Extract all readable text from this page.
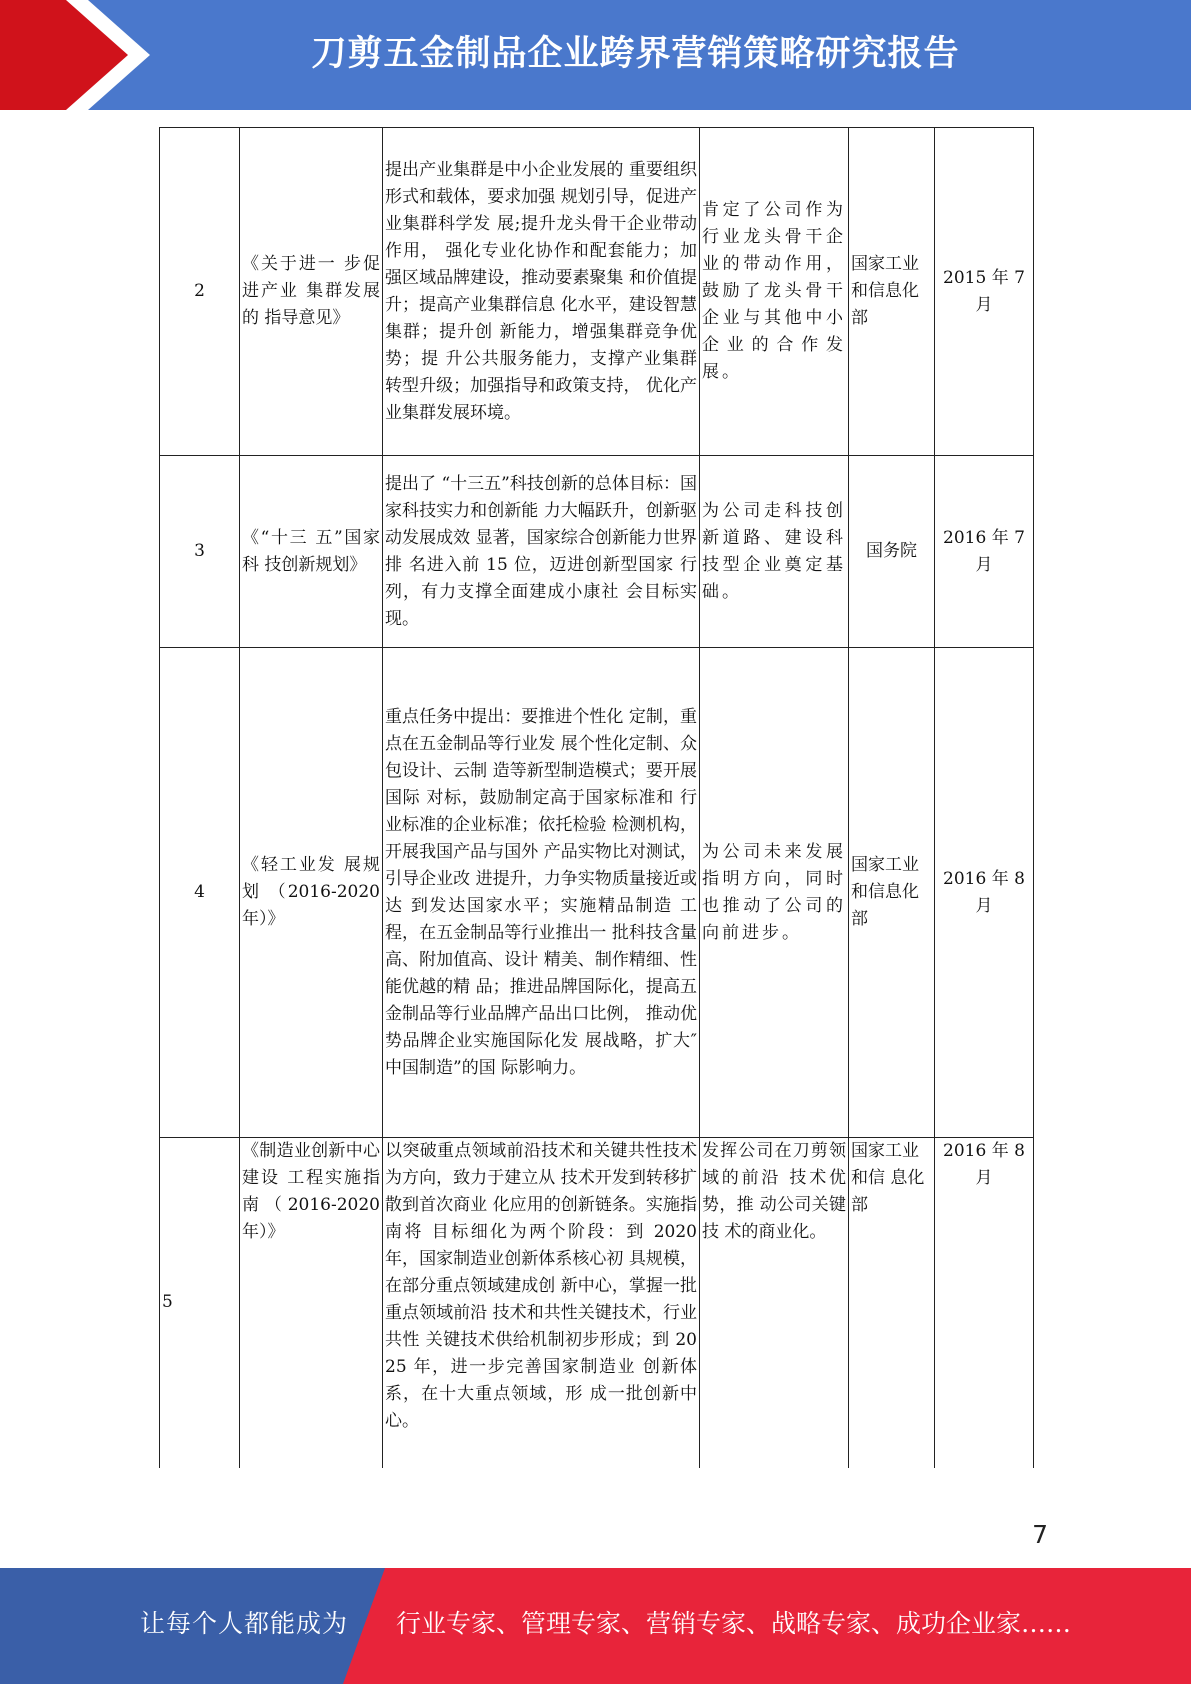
刀剪五金制品企业跨界营销策略研究报告
2	《关于进一 步促进产业 集群发展的 指导意见》	提出产业集群是中小企业发展的 重要组织形式和载体，要求加强 规划引导，促进产业集群科学发 展;提升龙头骨干企业带动作用， 强化专业化协作和配套能力；加 强区域品牌建设，推动要素聚集 和价值提升；提高产业集群信息 化水平，建设智慧集群；提升创 新能力，增强集群竞争优势；提 升公共服务能力，支撑产业集群 转型升级；加强指导和政策支持， 优化产业集群发展环境。	肯定了公司作为行业龙头骨干企业的带动作用，鼓励了龙头骨干企业与其他中小企业的合作发 展。	国家工业和信息化部	2015 年 7月
3	《“十三 五”国家科 技创新规划》	提出了 “十三五”科技创新的总体目标：国家科技实力和创新能 力大幅跃升，创新驱动发展成效 显著，国家综合创新能力世界排 名进入前 15 位，迈进创新型国家 行列，有力支撑全面建成小康社 会目标实现。	为公司走科技创新道路、建设科技型企业奠定基础。	国务院	2016 年 7月
4	《轻工业发 展规划 （2016-2020 年）》	重点任务中提出：要推进个性化 定制，重点在五金制品等行业发 展个性化定制、众包设计、云制 造等新型制造模式；要开展国际 对标，鼓励制定高于国家标准和 行业标准的企业标准；依托检验 检测机构，开展我国产品与国外 产品实物比对测试，引导企业改 进提升，力争实物质量接近或达 到发达国家水平；实施精品制造 工程，在五金制品等行业推出一 批科技含量高、附加值高、设计 精美、制作精细、性能优越的精 品；推进品牌国际化，提高五金制品等行业品牌产品出口比例， 推动优势品牌企业实施国际化发 展战略，扩大″中国制造”的国 际影响力。	为公司未来发展指明方向，同时也推动了公司的向前进步。	国家工业和信息化部	2016 年 8月
5	《制造业创新中心建设 工程实施指 南（2016-2020 年）》	以突破重点领域前沿技术和关键共性技术为方向，致力于建立从 技术开发到转移扩散到首次商业 化应用的创新链条。实施指南将 目标细化为两个阶段：到 2020 年，国家制造业创新体系核心初 具规模，在部分重点领域建成创 新中心，掌握一批重点领域前沿 技术和共性关键技术，行业共性 关键技术供给机制初步形成；到 2025 年，进一步完善国家制造业 创新体系，在十大重点领域，形 成一批创新中心。	发挥公司在刀剪领域的前沿 技术优势，推 动公司关键技 术的商业化。	国家工业和信 息化部	2016 年 8 月
7
让每个人都能成为 行业专家、管理专家、营销专家、战略专家、成功企业家……
